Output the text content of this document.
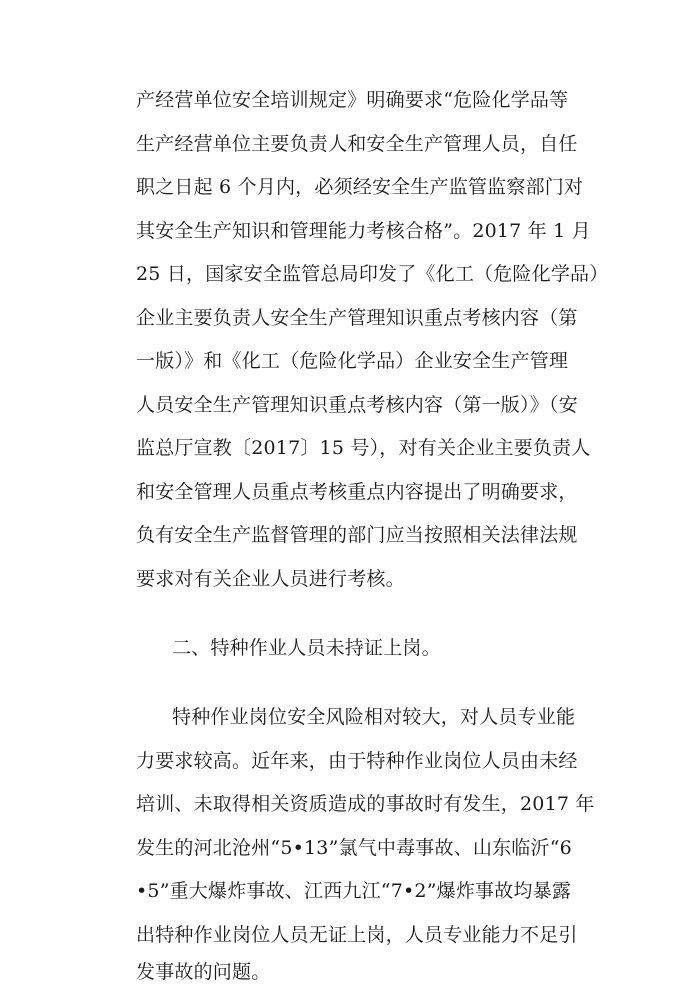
产经营单位安全培训规定》明确要求“危险化学品等
生产经营单位主要负责人和安全生产管理人员，自任
职之日起 6 个月内，必须经安全生产监管监察部门对
其安全生产知识和管理能力考核合格”。2017 年 1 月
25 日，国家安全监管总局印发了《化工（危险化学品）
企业主要负责人安全生产管理知识重点考核内容（第
一版）》和《化工（危险化学品）企业安全生产管理
人员安全生产管理知识重点考核内容（第一版）》（安
监总厅宣教〔2017〕15 号），对有关企业主要负责人
和安全管理人员重点考核重点内容提出了明确要求，
负有安全生产监督管理的部门应当按照相关法律法规
要求对有关企业人员进行考核。
二、特种作业人员未持证上岗。
特种作业岗位安全风险相对较大，对人员专业能
力要求较高。近年来，由于特种作业岗位人员由未经
培训、未取得相关资质造成的事故时有发生，2017 年
发生的河北沧州“5•13”氯气中毒事故、山东临沂“6
•5”重大爆炸事故、江西九江“7•2”爆炸事故均暴露
出特种作业岗位人员无证上岗，人员专业能力不足引
发事故的问题。
